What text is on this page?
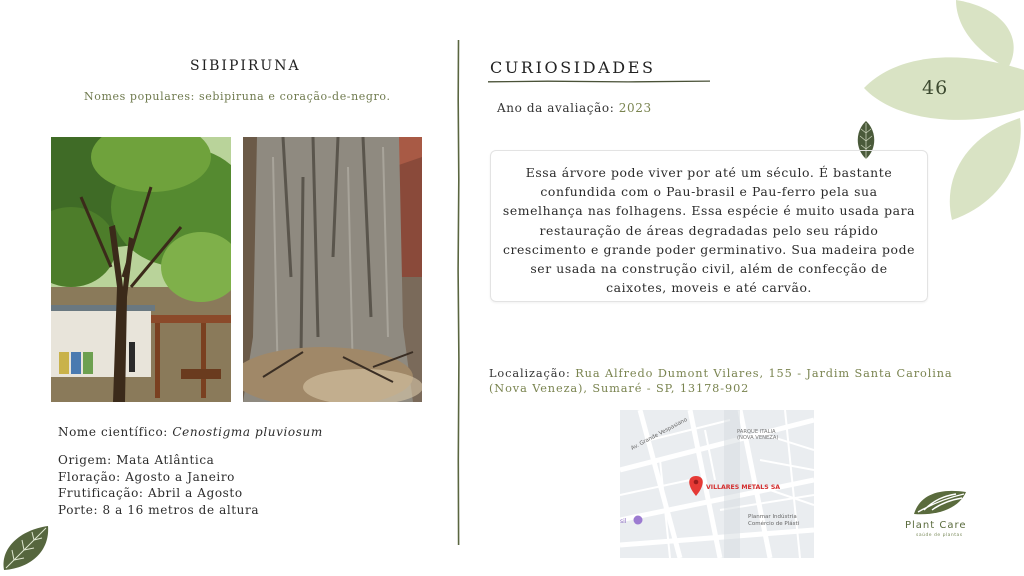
SIBIPIRUNA
Nomes populares: sebipiruna e coração-de-negro.
Nome científico: Cenostigma pluviosum
Origem: Mata Atlântica
Floração: Agosto a Janeiro
Frutificação: Abril a Agosto
Porte: 8 a 16 metros de altura
CURIOSIDADES
Ano da avaliação: 2023
Essa árvore pode viver por até um século. É bastante confundida com o Pau-brasil e Pau-ferro pela sua semelhança nas folhagens. Essa espécie é muito usada para restauração de áreas degradadas pelo seu rápido crescimento e grande poder germinativo. Sua madeira pode ser usada na construção civil, além de confecção de caixotes, moveis e até carvão.
Localização: Rua Alfredo Dumont Vilares, 155 - Jardim Santa Carolina (Nova Veneza), Sumaré - SP, 13178-902
Av. Grande Vespasiano	PARQUE ITALIA
(NOVA VENEZA)
VILLARES METALS SA
Planmar Indústria
Comércio de Plásti
sil
46
Plant Care
saúde de plantas
